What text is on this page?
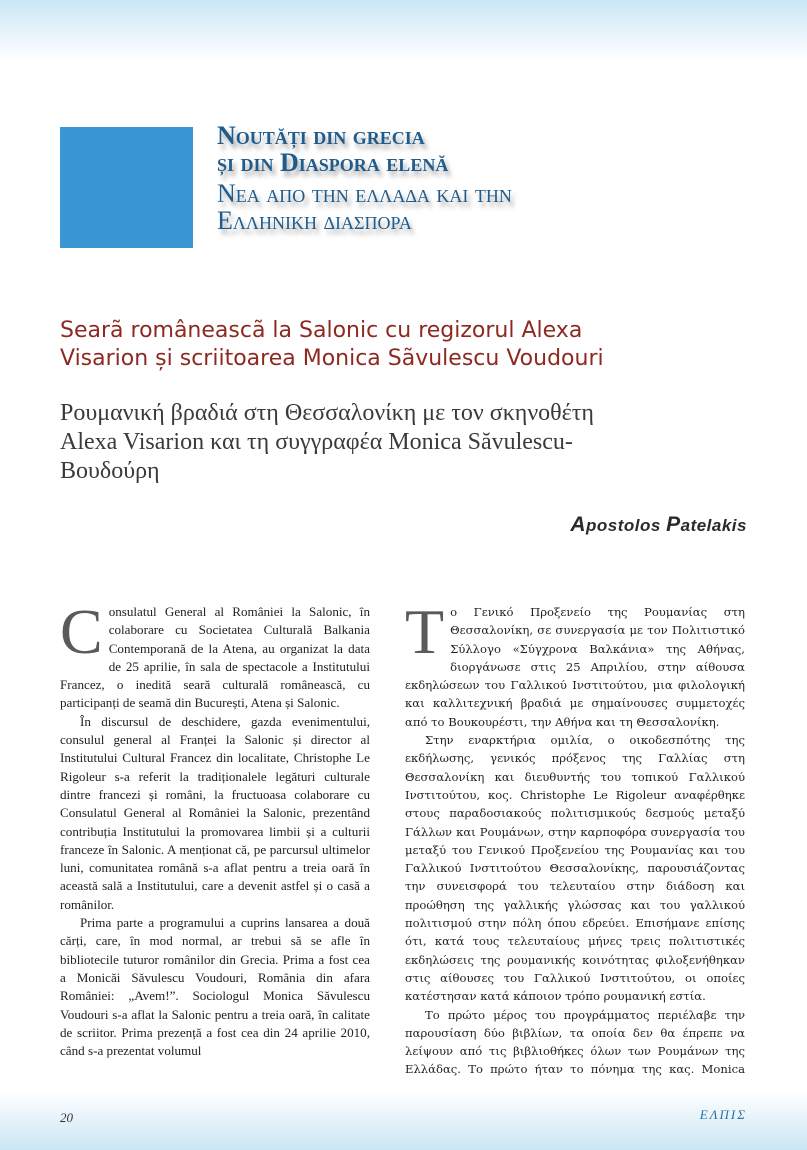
Noutăți din grecia
și din Diaspora elenă
Νεα απο την ελλαδα και την
Ελληνικη διασπορα
Searã româneascã la Salonic cu regizorul Alexa
Visarion și scriitoarea Monica Sãvulescu Voudouri
Ρουμανική βραδιά στη Θεσσαλονίκη με τον σκηνοθέτη
Alexa Visarion και τη συγγραφέα Monica Săvulescu-
Βουδούρη
Apostolos Patelakis

Consulatul General al României la Salonic, în colaborare cu Societatea Culturală Balkania Contemporană de la Atena, au organizat la data de 25 aprilie, în sala de spectacole a Institutului Francez, o inedită seară culturală românească, cu participanți de seamă din București, Atena și Salonic.

În discursul de deschidere, gazda evenimentului, consulul general al Franței la Salonic și director al Institutului Cultural Francez din localitate, Christophe Le Rigoleur s-a referit la tradiționalele legături culturale dintre francezi și români, la fructuoasa colaborare cu Consulatul General al României la Salonic, prezentând contribuția Institutului la promovarea limbii și a culturii franceze în Salonic. A menționat că, pe parcursul ultimelor luni, comunitatea română s-a aflat pentru a treia oară în această sală a Institutului, care a devenit astfel și o casă a românilor.

Prima parte a programului a cuprins lansarea a două cărți, care, în mod normal, ar trebui să se afle în bibliotecile tuturor românilor din Grecia. Prima a fost cea a Monicăi Săvulescu Voudouri, România din afara României: „Avem!”. Sociologul Monica Săvulescu Voudouri s-a aflat la Salonic pentru a treia oară, în calitate de scriitor. Prima prezență a fost cea din 24 aprilie 2010, când s-a prezentat volumul

Το Γενικό Προξενείο της Ρουμανίας στη Θεσσαλονίκη, σε συνεργασία με τον Πολιτιστικό Σύλλογο «Σύγχρονα Βαλκάνια» της Αθήνας, διοργάνωσε στις 25 Απριλίου, στην αίθουσα εκδηλώσεων του Γαλλικού Ινστιτούτου, μια φιλολογική και καλλιτεχνική βραδιά με σημαίνουσες συμμετοχές από το Βουκουρέστι, την Αθήνα και τη Θεσσαλονίκη.

Στην εναρκτήρια ομιλία, ο οικοδεσπότης της εκδήλωσης, γενικός πρόξενος της Γαλλίας στη Θεσσαλονίκη και διευθυντής του τοπικού Γαλλικού Ινστιτούτου, κος. Christophe Le Rigoleur αναφέρθηκε στους παραδοσιακούς πολιτισμικούς δεσμούς μεταξύ Γάλλων και Ρουμάνων, στην καρποφόρα συνεργασία του μεταξύ του Γενικού Προξενείου της Ρουμανίας και του Γαλλικού Ινστιτούτου Θεσσαλονίκης, παρουσιάζοντας την συνεισφορά του τελευταίου στην διάδοση και προώθηση της γαλλικής γλώσσας και του γαλλικού πολιτισμού στην πόλη όπου εδρεύει. Επισήμανε επίσης ότι, κατά τους τελευταίους μήνες τρεις πολιτιστικές εκδηλώσεις της ρουμανικής κοινότητας φιλοξενήθηκαν στις αίθουσες του Γαλλικού Ινστιτούτου, οι οποίες κατέστησαν κατά κάποιον τρόπο ρουμανική εστία.

Το πρώτο μέρος του προγράμματος περιέλαβε την παρουσίαση δύο βιβλίων, τα οποία δεν θα έπρεπε να λείψουν από τις βιβλιοθήκες όλων των Ρουμάνων της Ελλάδας. Το πρώτο ήταν το πόνημα της κας. Monica

20	ΕΛΠΙΣ
